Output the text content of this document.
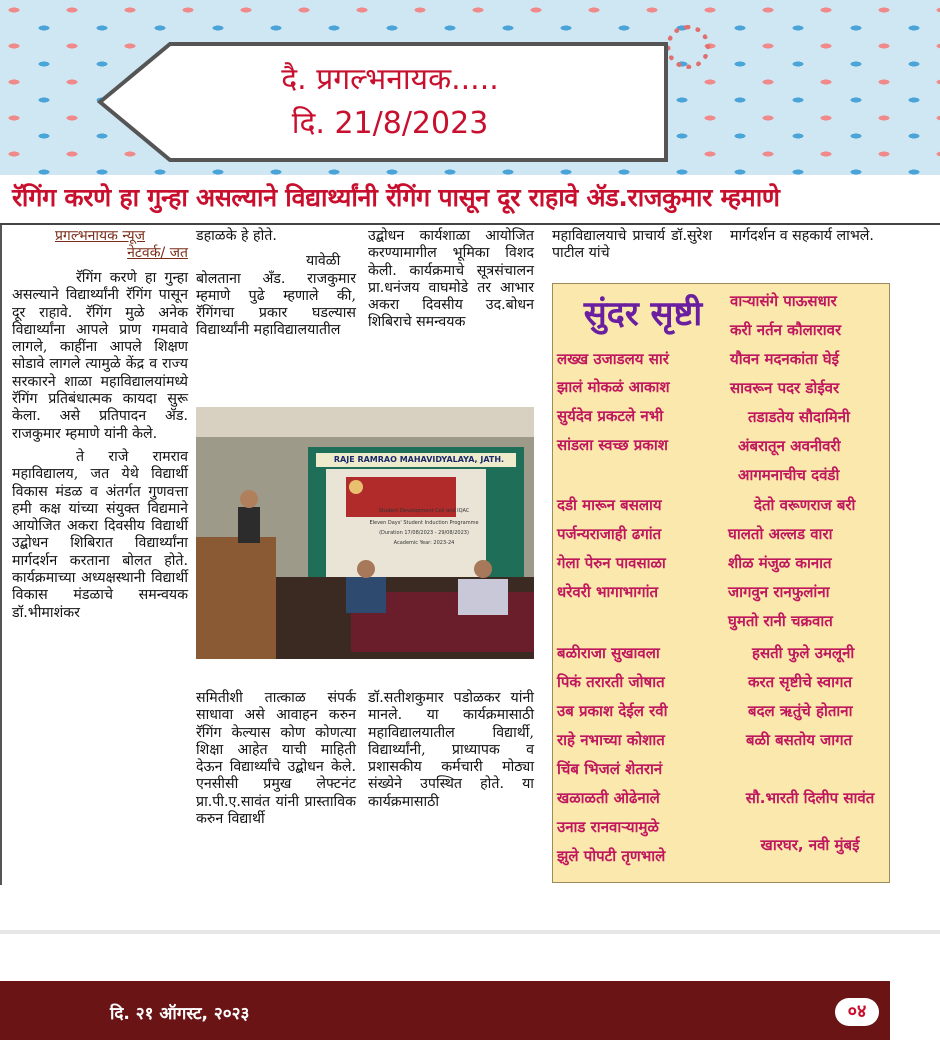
दै. प्रगल्भनायक.....
दि. 21/8/2023
रॅगिंग करणे हा गुन्हा असल्याने विद्यार्थ्यांनी रॅगिंग पासून दूर राहावे ॲड.राजकुमार म्हमाणे

प्रगल्भनायक न्यूज

नेटवर्क/ जत

रॅगिंग करणे हा गुन्हा असल्याने विद्यार्थ्यांनी रॅगिंग पासून दूर राहावे. रॅगिंग मुळे अनेक विद्यार्थ्यांना आपले प्राण गमवावे लागले, काहींना आपले शिक्षण सोडावे लागले त्यामुळे केंद्र व राज्य सरकारने शाळा महाविद्यालयांमध्ये रॅगिंग प्रतिबंधात्मक कायदा सुरू केला. असे प्रतिपादन ॲड. राजकुमार म्हमाणे यांनी केले.

ते राजे रामराव महाविद्यालय, जत येथे विद्यार्थी विकास मंडळ व अंतर्गत गुणवत्ता हमी कक्ष यांच्या संयुक्त विद्यमाने आयोजित अकरा दिवसीय विद्यार्थी उद्बोधन शिबिरात विद्यार्थ्यांना मार्गदर्शन करताना बोलत होते. कार्यक्रमाच्या अध्यक्षस्थानी विद्यार्थी विकास मंडळाचे समन्वयक डॉ.भीमाशंकर

डहाळके हे होते.

यावेळी बोलताना अँड. राजकुमार म्हमाणे पुढे म्हणाले की, रॅगिंगचा प्रकार घडल्यास विद्यार्थ्यांनी महाविद्यालयातील

उद्बोधन कार्यशाळा आयोजित करण्यामागील भूमिका विशद केली. कार्यक्रमाचे सूत्रसंचालन प्रा.धनंजय वाघमोडे तर आभार अकरा दिवसीय उद.बोधन शिबिराचे समन्वयक
महाविद्यालयाचे प्राचार्य डॉ.सुरेश पाटील यांचे
मार्गदर्शन व सहकार्य लाभले.
RAJE RAMRAO MAHAVIDYALAYA, JATH.
Student Development Cell and IQAC
Eleven Days' Student Induction Programme
(Duration 17/08/2023 - 29/08/2023)
Academic Year: 2023-24
समितीशी तात्काळ संपर्क साधावा असे आवाहन करुन रॅगिंग केल्यास कोण कोणत्या शिक्षा आहेत याची माहिती देऊन विद्यार्थ्यांचे उद्बोधन केले. एनसीसी प्रमुख लेफ्टनंट प्रा.पी.ए.सावंत यांनी प्रास्ताविक करुन विद्यार्थी
डॉ.सतीशकुमार पडोळकर यांनी मानले. या कार्यक्रमासाठी महाविद्यालयातील विद्यार्थी, विद्यार्थ्यांनी, प्राध्यापक व प्रशासकीय कर्मचारी मोठ्या संख्येने उपस्थित होते. या कार्यक्रमासाठी
सुंदर सृष्टी
लख्ख उजाडलय सारं
झालं मोकळं आकाश
सुर्यदेव प्रकटले नभी
सांडला स्वच्छ प्रकाश
दडी मारून बसलाय
पर्जन्यराजाही ढगांत
गेला पेरुन पावसाळा
धरेवरी भागाभागांत
बळीराजा सुखावला
पिकं तरारती जोषात
उब प्रकाश देईल रवी
राहे नभाच्या कोशात
चिंब भिजलं शेतरानं
खळाळती ओढेनाले
उनाड रानवाऱ्यामुळे
झुले पोपटी तृणभाले
वाऱ्यासंगे पाऊसधार
करी नर्तन कौलारावर
यौवन मदनकांता घेई
सावरून पदर डोईवर
तडाडतेय सौदामिनी
अंबरातून अवनीवरी
आगमनाचीच दवंडी
देतो वरूणराज बरी
घालतो अल्लड वारा
शीळ मंजुळ कानात
जागवुन रानफुलांना
घुमतो रानी चक्रवात
हसती फुले उमलूनी
करत सृष्टीचे स्वागत
बदल ऋतुंचे होताना
बळी बसतोय जागत
सौ.भारती दिलीप सावंत
खारघर, नवी मुंबई
दि. २१ ऑगस्ट, २०२३	०४
